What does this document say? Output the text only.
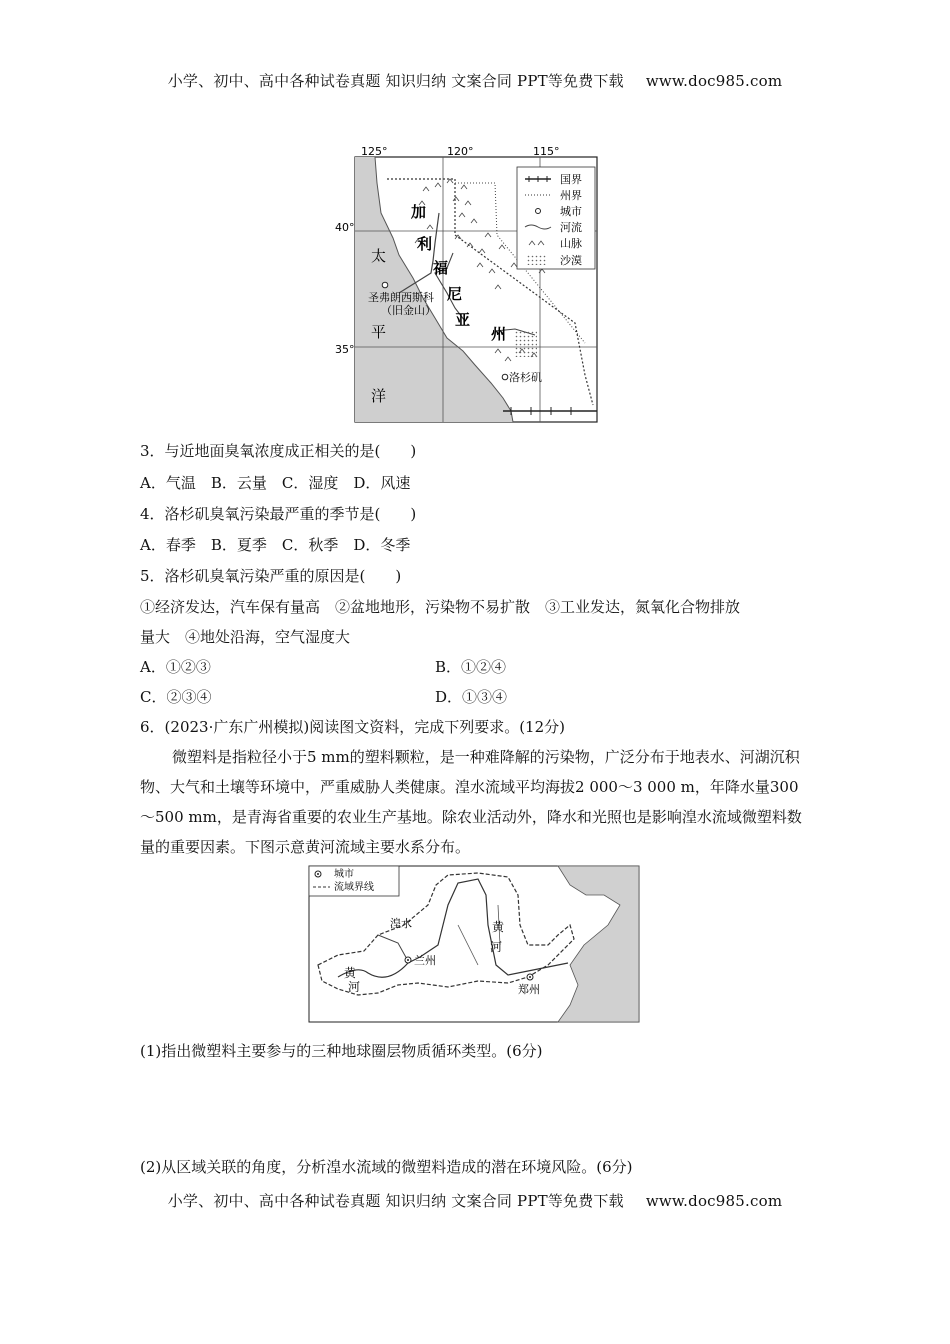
小学、初中、高中各种试卷真题 知识归纳 文案合同 PPT等免费下载 www.doc985.com
国界
州界
城市
河流
山脉
沙漠
125°	120°	115°
40°
35°
加
利
福
尼
亚
州
太
平
洋
圣弗朗西斯科
（旧金山）
洛杉矶
3．与近地面臭氧浓度成正相关的是(　　)
A．气温　B．云量　C．湿度　D．风速
4．洛杉矶臭氧污染最严重的季节是(　　)
A．春季　B．夏季　C．秋季　D．冬季
5．洛杉矶臭氧污染严重的原因是(　　)
①经济发达，汽车保有量高　②盆地地形，污染物不易扩散　③工业发达，氮氧化合物排放
量大　④地处沿海，空气湿度大
A．①②③	B．①②④
C．②③④	D．①③④
6．(2023·广东广州模拟)阅读图文资料，完成下列要求。(12分)
微塑料是指粒径小于5 mm的塑料颗粒，是一种难降解的污染物，广泛分布于地表水、河湖沉积物、大气和土壤等环境中，严重威胁人类健康。湟水流域平均海拔2 000～3 000 m，年降水量300～500 mm，是青海省重要的农业生产基地。除农业活动外，降水和光照也是影响湟水流域微塑料数量的重要因素。下图示意黄河流域主要水系分布。
城市
流域界线
湟水
兰州
郑州
黄
河
黄
河
(1)指出微塑料主要参与的三种地球圈层物质循环类型。(6分)
(2)从区域关联的角度，分析湟水流域的微塑料造成的潜在环境风险。(6分)
小学、初中、高中各种试卷真题 知识归纳 文案合同 PPT等免费下载 www.doc985.com
